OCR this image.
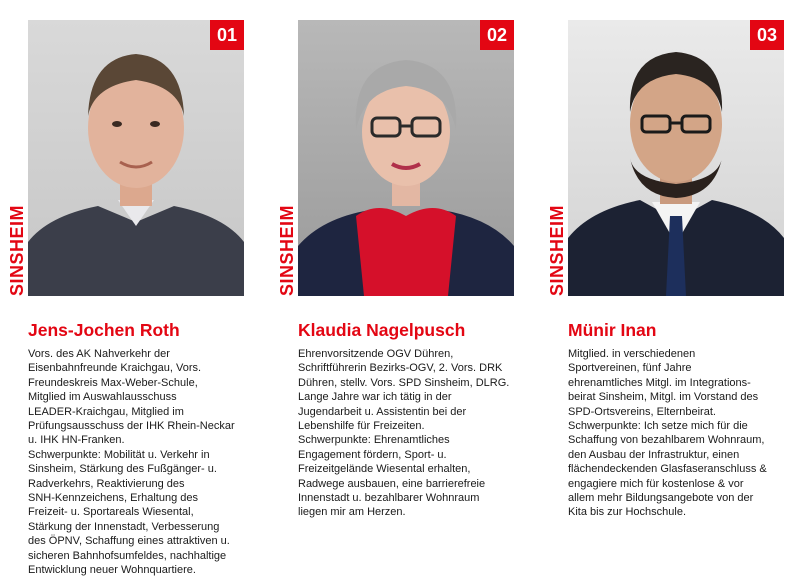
SINSHEIM
01
Jens-Jochen Roth

Vors. des AK Nahverkehr der
Eisenbahnfreunde Kraichgau, Vors.
Freundeskreis Max-Weber-Schule,
Mitglied im Auswahlausschuss
LEADER-Kraichgau, Mitglied im
Prüfungsausschuss der IHK Rhein-Neckar
u. IHK HN-Franken.
Schwerpunkte: Mobilität u. Verkehr in
Sinsheim, Stärkung des Fußgänger- u.
Radverkehrs, Reaktivierung des
SNH-Kennzeichens, Erhaltung des
Freizeit- u. Sportareals Wiesental,
Stärkung der Innenstadt, Verbesserung
des ÖPNV, Schaffung eines attraktiven u.
sicheren Bahnhofsumfeldes, nachhaltige
Entwicklung neuer Wohnquartiere.

SINSHEIM
02
Klaudia Nagelpusch

Ehrenvorsitzende OGV Dühren,
Schriftführerin Bezirks-OGV, 2. Vors. DRK
Dühren, stellv. Vors. SPD Sinsheim, DLRG.
Lange Jahre war ich tätig in der
Jugendarbeit u. Assistentin bei der
Lebenshilfe für Freizeiten.
Schwerpunkte: Ehrenamtliches
Engagement fördern, Sport- u.
Freizeitgelände Wiesental erhalten,
Radwege ausbauen, eine barrierefreie
Innenstadt u. bezahlbarer Wohnraum
liegen mir am Herzen.

SINSHEIM
03
Münir Inan

Mitglied. in verschiedenen
Sportvereinen, fünf Jahre
ehrenamtliches Mitgl. im Integrations-
beirat Sinsheim, Mitgl. im Vorstand des
SPD-Ortsvereins, Elternbeirat.
Schwerpunkte: Ich setze mich für die
Schaffung von bezahlbarem Wohnraum,
den Ausbau der Infrastruktur, einen
flächendeckenden Glasfaseranschluss &
engagiere mich für kostenlose & vor
allem mehr Bildungsangebote von der
Kita bis zur Hochschule.
